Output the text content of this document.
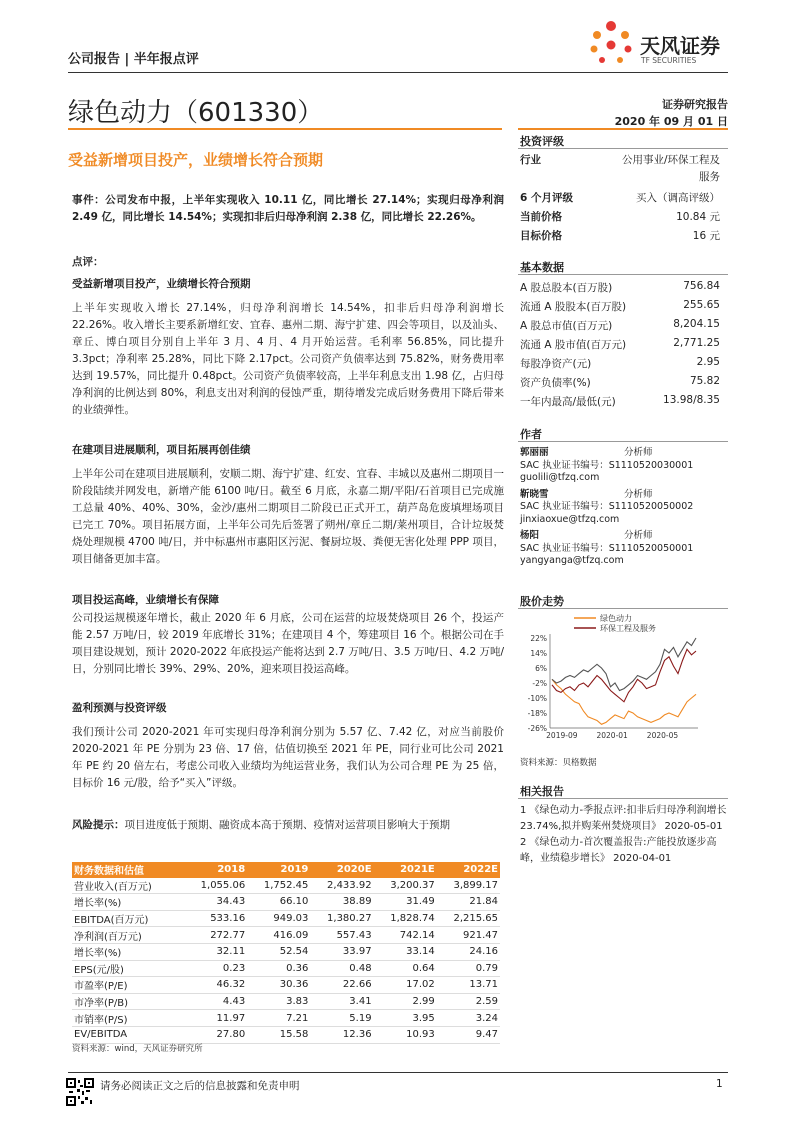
公司报告 | 半年报点评
天风证券
TF SECURITIES
绿色动力（601330）	证券研究报告
2020 年 09 月 01 日
受益新增项目投产，业绩增长符合预期
事件：公司发布中报，上半年实现收入 10.11 亿，同比增长 27.14%；实现归母净利润 2.49 亿，同比增长 14.54%；实现扣非后归母净利润 2.38 亿，同比增长 22.26%。
点评：
受益新增项目投产，业绩增长符合预期
上半年实现收入增长 27.14%，归母净利润增长 14.54%，扣非后归母净利润增长 22.26%。收入增长主要系新增红安、宜春、惠州二期、海宁扩建、四会等项目，以及汕头、章丘、博白项目分别自上半年 3 月、4 月、4 月开始运营。毛利率 56.85%，同比提升 3.3pct；净利率 25.28%，同比下降 2.17pct。公司资产负债率达到 75.82%，财务费用率达到 19.57%，同比提升 0.48pct。公司资产负债率较高，上半年利息支出 1.98 亿，占归母净利润的比例达到 80%，利息支出对利润的侵蚀严重，期待增发完成后财务费用下降后带来的业绩弹性。
在建项目进展顺利，项目拓展再创佳绩
上半年公司在建项目进展顺利，安顺二期、海宁扩建、红安、宜春、丰城以及惠州二期项目一阶段陆续并网发电，新增产能 6100 吨/日。截至 6 月底，永嘉二期/平阳/石首项目已完成施工总量 40%、40%、30%，金沙/惠州二期项目二阶段已正式开工，葫芦岛危废填埋场项目已完工 70%。项目拓展方面，上半年公司先后签署了朔州/章丘二期/莱州项目，合计垃圾焚烧处理规模 4700 吨/日，并中标惠州市惠阳区污泥、餐厨垃圾、粪便无害化处理 PPP 项目，项目储备更加丰富。
项目投运高峰，业绩增长有保障
公司投运规模逐年增长，截止 2020 年 6 月底，公司在运营的垃圾焚烧项目 26 个，投运产能 2.57 万吨/日，较 2019 年底增长 31%；在建项目 4 个，筹建项目 16 个。根据公司在手项目建设规划，预计 2020-2022 年底投运产能将达到 2.7 万吨/日、3.5 万吨/日、4.2 万吨/日，分别同比增长 39%、29%、20%，迎来项目投运高峰。
盈利预测与投资评级
我们预计公司 2020-2021 年可实现归母净利润分别为 5.57 亿、7.42 亿，对应当前股价 2020-2021 年 PE 分别为 23 倍、17 倍，估值切换至 2021 年 PE，同行业可比公司 2021 年 PE 约 20 倍左右，考虑公司收入业绩均为纯运营业务，我们认为公司合理 PE 为 25 倍，目标价 16 元/股，给予“买入”评级。
风险提示：项目进度低于预期、融资成本高于预期、疫情对运营项目影响大于预期
财务数据和估值	2018	2019	2020E	2021E	2022E
营业收入(百万元)	1,055.06	1,752.45	2,433.92	3,200.37	3,899.17
增长率(%)	34.43	66.10	38.89	31.49	21.84
EBITDA(百万元)	533.16	949.03	1,380.27	1,828.74	2,215.65
净利润(百万元)	272.77	416.09	557.43	742.14	921.47
增长率(%)	32.11	52.54	33.97	33.14	24.16
EPS(元/股)	0.23	0.36	0.48	0.64	0.79
市盈率(P/E)	46.32	30.36	22.66	17.02	13.71
市净率(P/B)	4.43	3.83	3.41	2.99	2.59
市销率(P/S)	11.97	7.21	5.19	3.95	3.24
EV/EBITDA	27.80	15.58	12.36	10.93	9.47
资料来源：wind，天风证券研究所
投资评级
行业	公用事业/环保工程及
服务
6 个月评级	买入（调高评级）
当前价格	10.84 元
目标价格	16 元
基本数据
A 股总股本(百万股)	756.84
流通 A 股股本(百万股)	255.65
A 股总市值(百万元)	8,204.15
流通 A 股市值(百万元)	2,771.25
每股净资产(元)	2.95
资产负债率(%)	75.82
一年内最高/最低(元)	13.98/8.35
作者
郭丽丽	分析师
SAC 执业证书编号：S1110520030001
guolili@tfzq.com
靳晓雪	分析师
SAC 执业证书编号：S1110520050002
jinxiaoxue@tfzq.com
杨阳	分析师
SAC 执业证书编号：S1110520050001
yangyanga@tfzq.com
股价走势
绿色动力
环保工程及服务
22%
14%
6%
-2%
-10%
-18%
-26%
2019-09	2020-01	2020-05
资料来源：贝格数据
相关报告
1 《绿色动力-季报点评:扣非后归母净利润增长 23.74%,拟并购莱州焚烧项目》 2020-05-01
2 《绿色动力-首次覆盖报告:产能投放逐步高峰，业绩稳步增长》 2020-04-01
请务必阅读正文之后的信息披露和免责申明	1
